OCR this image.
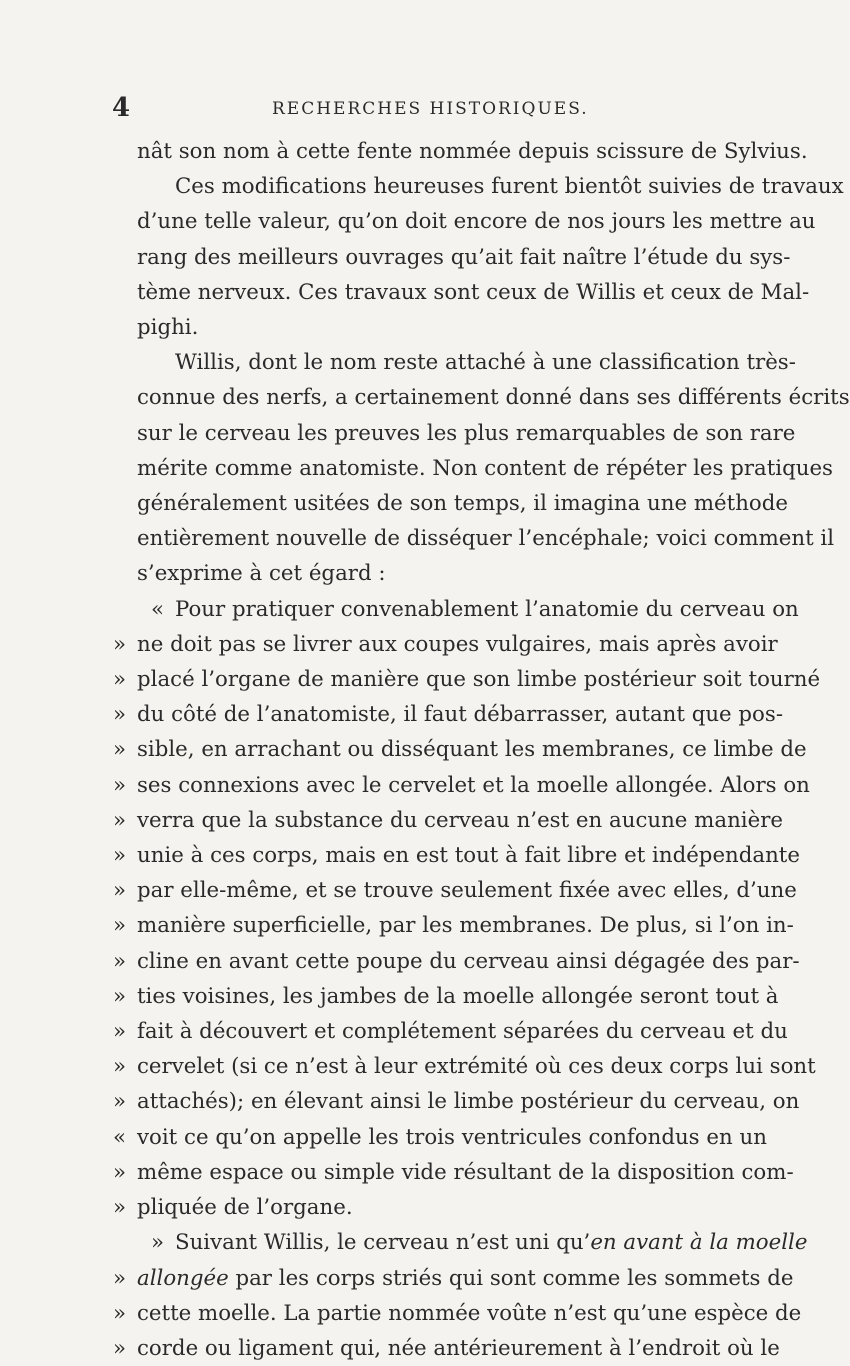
4	RECHERCHES HISTORIQUES.
nât son nom à cette fente nommée depuis scissure de Sylvius.
Ces modifications heureuses furent bientôt suivies de travaux
d’une telle valeur, qu’on doit encore de nos jours les mettre au
rang des meilleurs ouvrages qu’ait fait naître l’étude du sys-
tème nerveux. Ces travaux sont ceux de Willis et ceux de Mal-
pighi.
Willis, dont le nom reste attaché à une classification très-
connue des nerfs, a certainement donné dans ses différents écrits
sur le cerveau les preuves les plus remarquables de son rare
mérite comme anatomiste. Non content de répéter les pratiques
généralement usitées de son temps, il imagina une méthode
entièrement nouvelle de disséquer l’encéphale; voici comment il
s’exprime à cet égard :
« Pour pratiquer convenablement l’anatomie du cerveau on
» ne doit pas se livrer aux coupes vulgaires, mais après avoir
» placé l’organe de manière que son limbe postérieur soit tourné
» du côté de l’anatomiste, il faut débarrasser, autant que pos-
» sible, en arrachant ou disséquant les membranes, ce limbe de
» ses connexions avec le cervelet et la moelle allongée. Alors on
» verra que la substance du cerveau n’est en aucune manière
» unie à ces corps, mais en est tout à fait libre et indépendante
» par elle-même, et se trouve seulement fixée avec elles, d’une
» manière superficielle, par les membranes. De plus, si l’on in-
» cline en avant cette poupe du cerveau ainsi dégagée des par-
» ties voisines, les jambes de la moelle allongée seront tout à
» fait à découvert et complétement séparées du cerveau et du
» cervelet (si ce n’est à leur extrémité où ces deux corps lui sont
» attachés); en élevant ainsi le limbe postérieur du cerveau, on
« voit ce qu’on appelle les trois ventricules confondus en un
» même espace ou simple vide résultant de la disposition com-
» pliquée de l’organe.
» Suivant Willis, le cerveau n’est uni qu’en avant à la moelle
» allongée par les corps striés qui sont comme les sommets de
» cette moelle. La partie nommée voûte n’est qu’une espèce de
» corde ou ligament qui, née antérieurement à l’endroit où le
